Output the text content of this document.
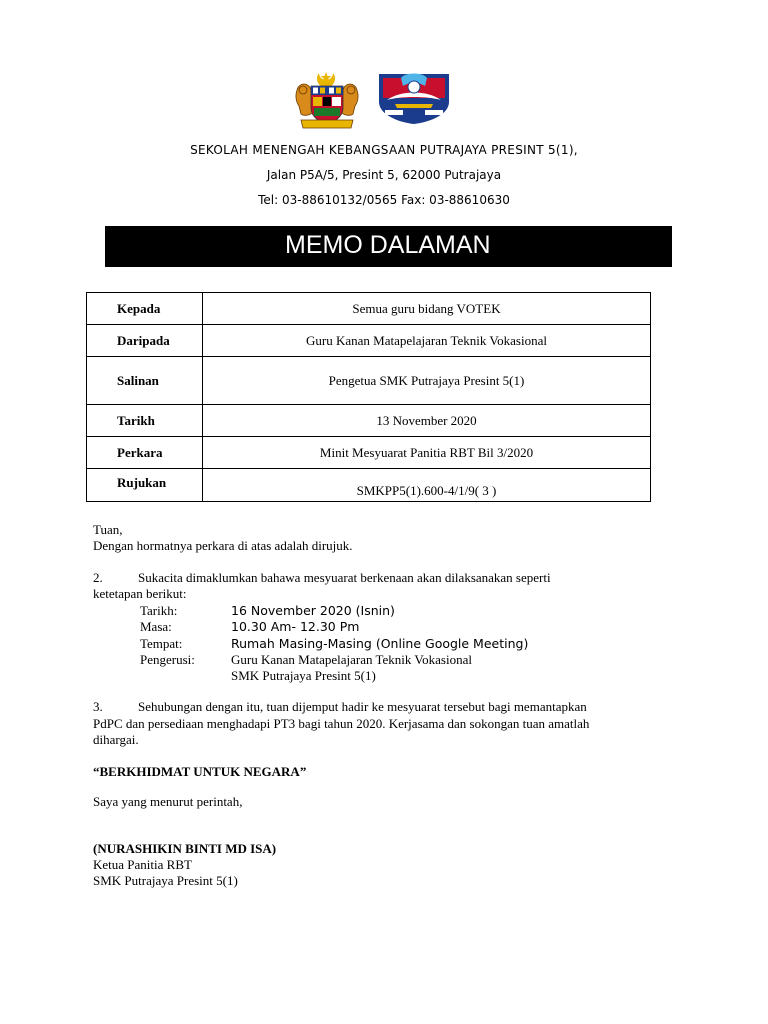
SEKOLAH MENENGAH KEBANGSAAN PUTRAJAYA PRESINT 5(1),
Jalan P5A/5, Presint 5, 62000 Putrajaya
Tel: 03-88610132/0565 Fax: 03-88610630
MEMO DALAMAN
Kepada	Semua guru bidang VOTEK

Daripada	Guru Kanan Matapelajaran Teknik Vokasional

Salinan	Pengetua SMK Putrajaya Presint 5(1)

Tarikh	13 November 2020

Perkara	Minit Mesyuarat Panitia RBT Bil 3/2020

Rujukan	SMKPP5(1).600-4/1/9( 3 )
Tuan,
Dengan hormatnya perkara di atas adalah dirujuk.
2.	Sukacita dimaklumkan bahawa mesyuarat berkenaan akan dilaksanakan seperti
ketetapan berikut:
Tarikh:	16 November 2020 (Isnin)
Masa:	10.30 Am- 12.30 Pm
Tempat:	Rumah Masing-Masing (Online Google Meeting)
Pengerusi:	Guru Kanan Matapelajaran Teknik Vokasional
SMK Putrajaya Presint 5(1)
3.	Sehubungan dengan itu, tuan dijemput hadir ke mesyuarat tersebut bagi memantapkan
PdPC dan persediaan menghadapi PT3 bagi tahun 2020. Kerjasama dan sokongan tuan amatlah
dihargai.
“BERKHIDMAT UNTUK NEGARA”
Saya yang menurut perintah,
(NURASHIKIN BINTI MD ISA)
Ketua Panitia RBT
SMK Putrajaya Presint 5(1)
